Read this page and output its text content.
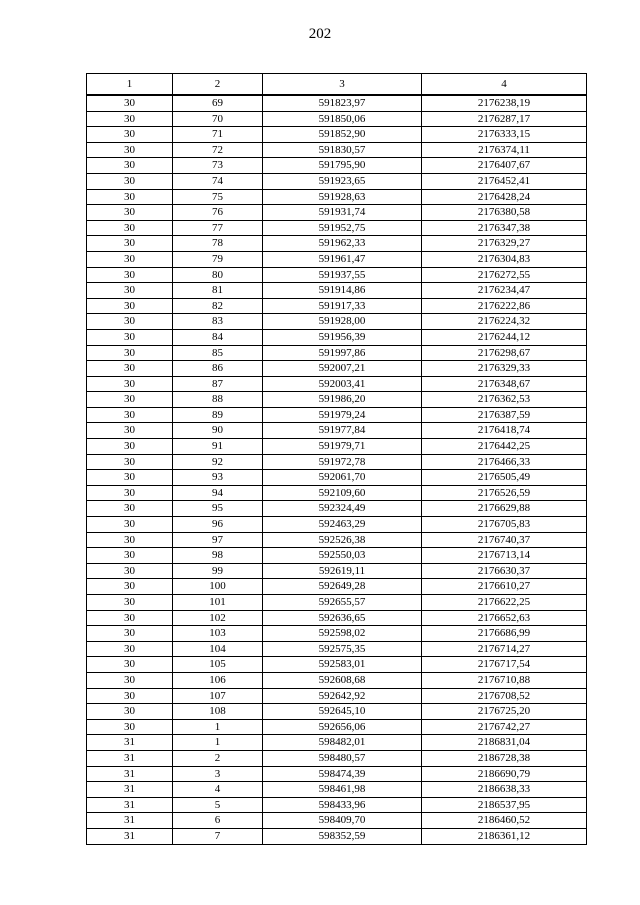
202
1	2	3	4
30	69	591823,97	2176238,19
30	70	591850,06	2176287,17
30	71	591852,90	2176333,15
30	72	591830,57	2176374,11
30	73	591795,90	2176407,67
30	74	591923,65	2176452,41
30	75	591928,63	2176428,24
30	76	591931,74	2176380,58
30	77	591952,75	2176347,38
30	78	591962,33	2176329,27
30	79	591961,47	2176304,83
30	80	591937,55	2176272,55
30	81	591914,86	2176234,47
30	82	591917,33	2176222,86
30	83	591928,00	2176224,32
30	84	591956,39	2176244,12
30	85	591997,86	2176298,67
30	86	592007,21	2176329,33
30	87	592003,41	2176348,67
30	88	591986,20	2176362,53
30	89	591979,24	2176387,59
30	90	591977,84	2176418,74
30	91	591979,71	2176442,25
30	92	591972,78	2176466,33
30	93	592061,70	2176505,49
30	94	592109,60	2176526,59
30	95	592324,49	2176629,88
30	96	592463,29	2176705,83
30	97	592526,38	2176740,37
30	98	592550,03	2176713,14
30	99	592619,11	2176630,37
30	100	592649,28	2176610,27
30	101	592655,57	2176622,25
30	102	592636,65	2176652,63
30	103	592598,02	2176686,99
30	104	592575,35	2176714,27
30	105	592583,01	2176717,54
30	106	592608,68	2176710,88
30	107	592642,92	2176708,52
30	108	592645,10	2176725,20
30	1	592656,06	2176742,27
31	1	598482,01	2186831,04
31	2	598480,57	2186728,38
31	3	598474,39	2186690,79
31	4	598461,98	2186638,33
31	5	598433,96	2186537,95
31	6	598409,70	2186460,52
31	7	598352,59	2186361,12
